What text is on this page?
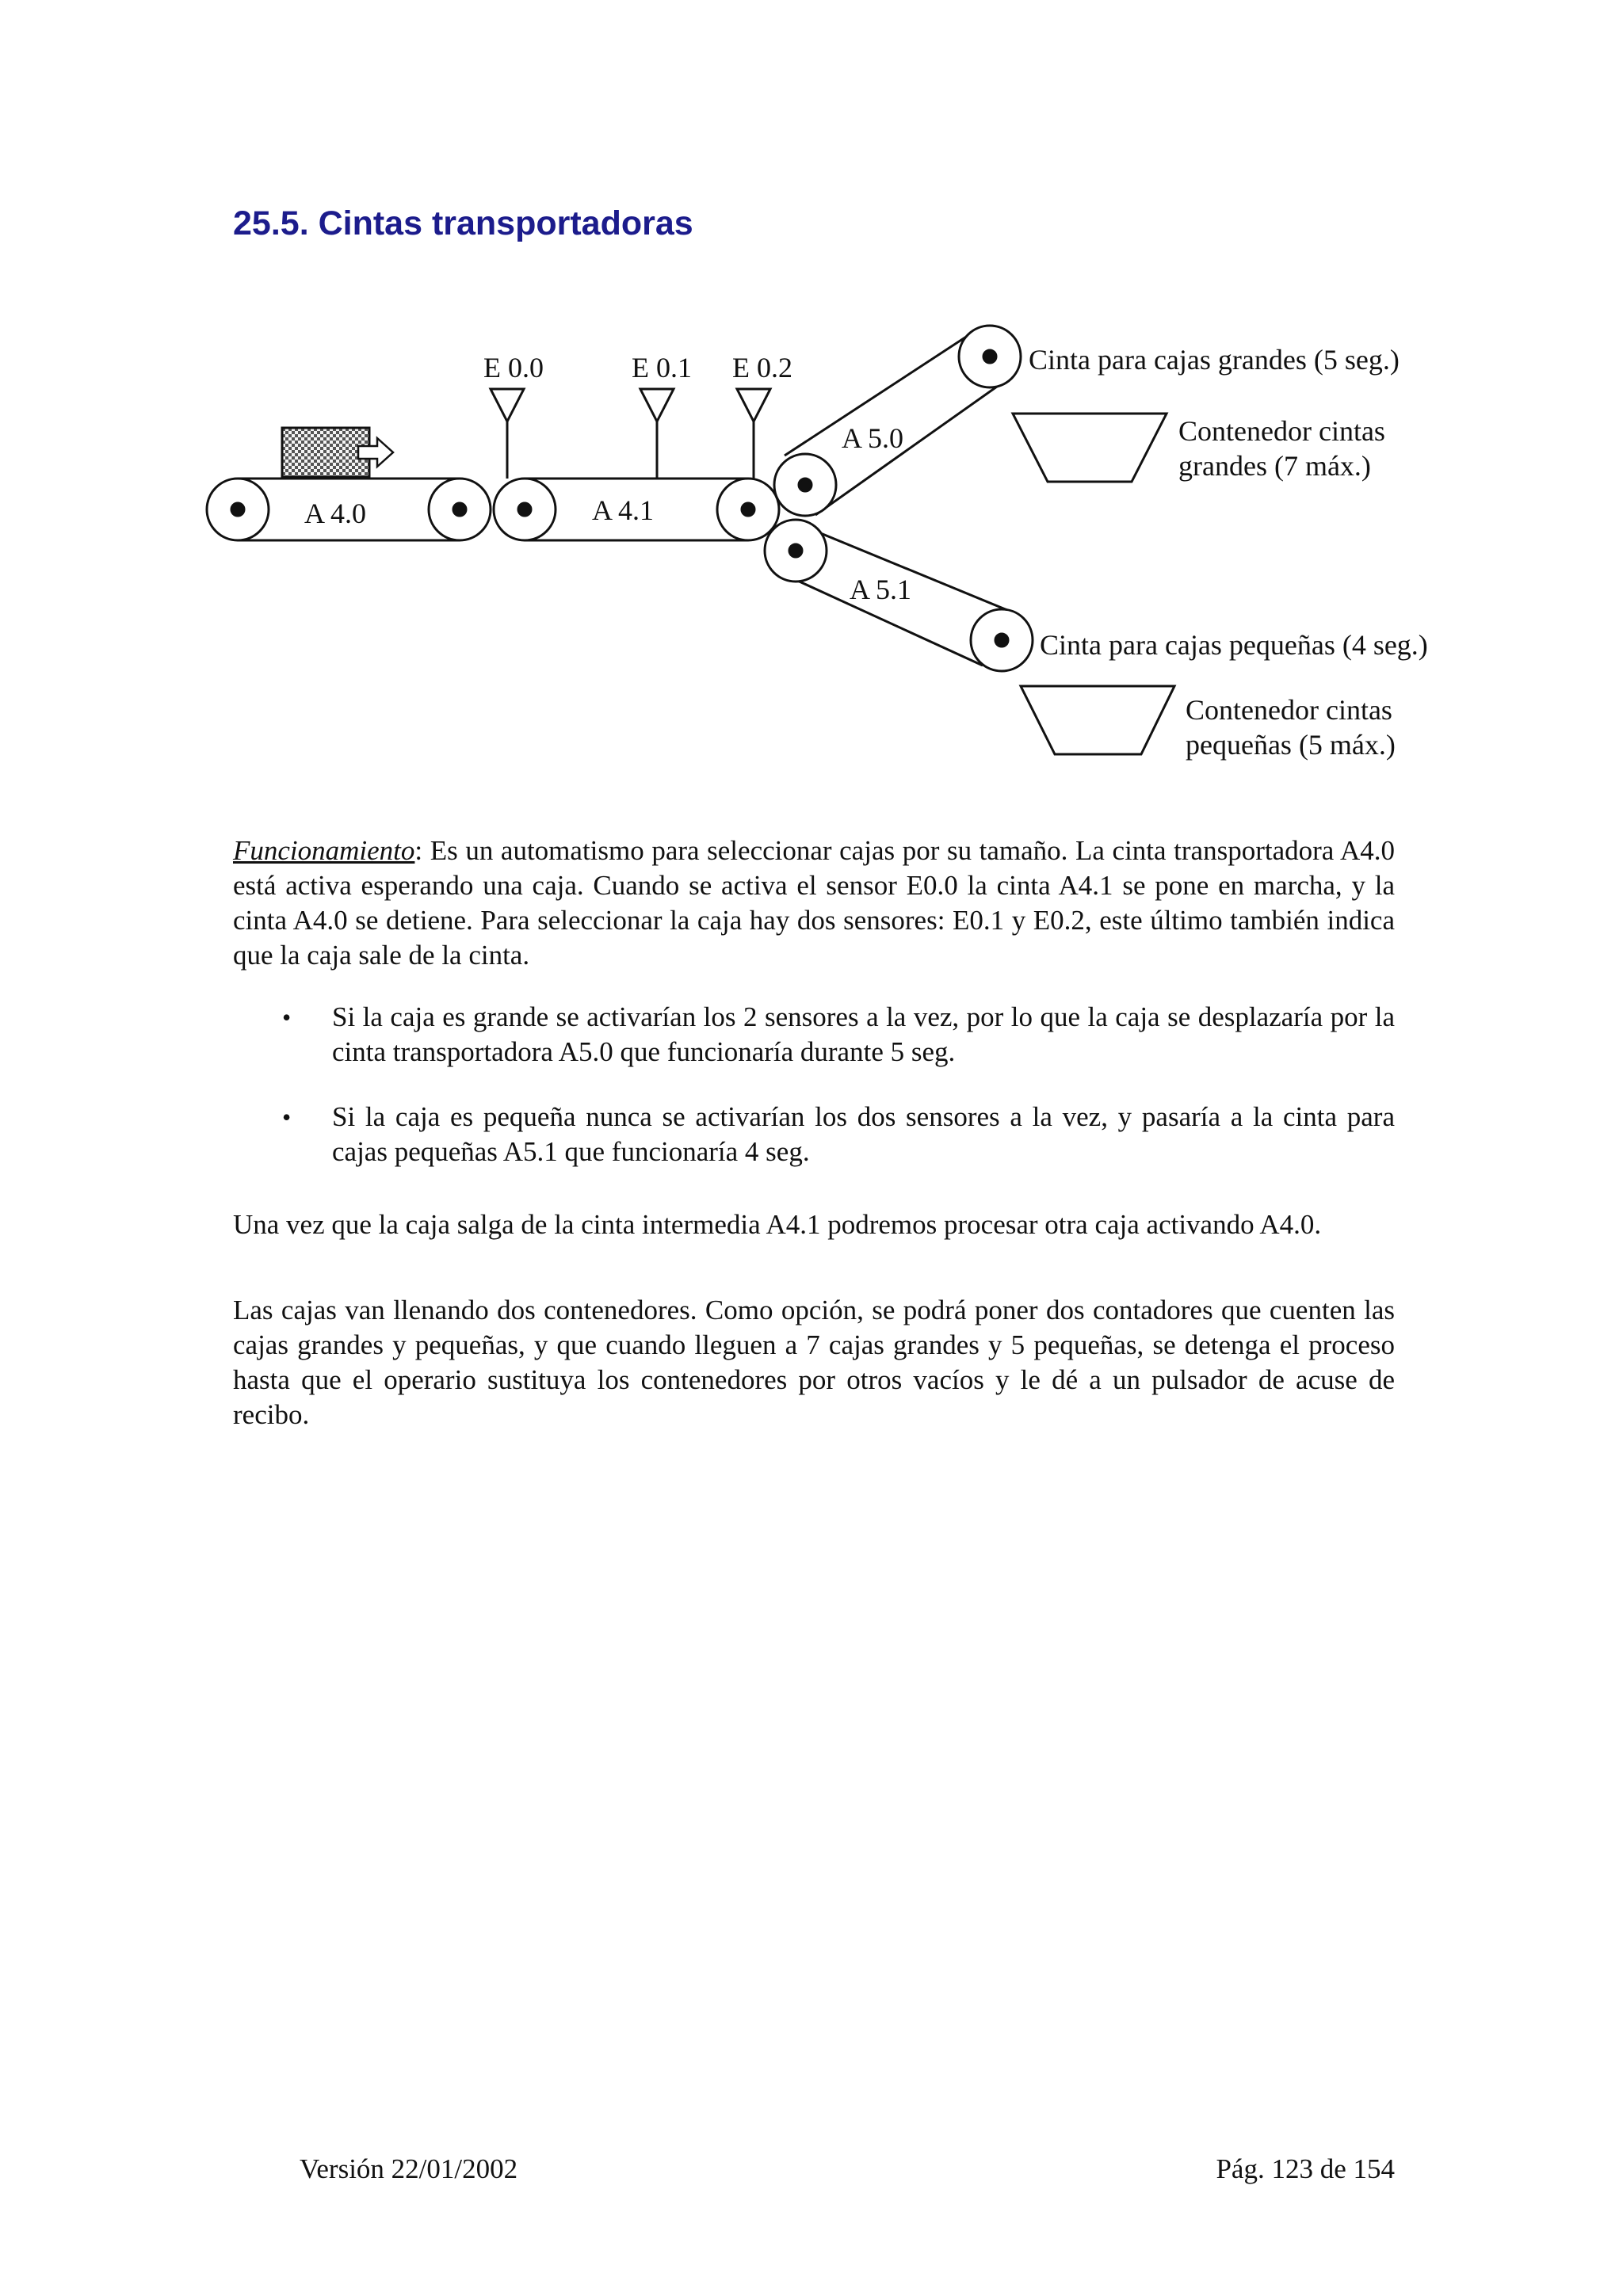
25.5. Cintas transportadoras
E 0.0	E 0.1 E 0.2
A 4.0	A 4.1
A 5.0
A 5.1
Cinta para cajas grandes (5 seg.)
Cinta para cajas pequeñas (4 seg.)
Contenedor cintas
grandes (7 máx.)
Contenedor cintas
pequeñas (5 máx.)

Funcionamiento: Es un automatismo para seleccionar cajas por su tamaño. La cinta transportadora A4.0 está activa esperando una caja. Cuando se activa el sensor E0.0 la cinta A4.1 se pone en marcha, y la cinta A4.0 se detiene. Para seleccionar la caja hay dos sensores: E0.1 y E0.2, este último también indica que la caja sale de la cinta.

• Si la caja es grande se activarían los 2 sensores a la vez, por lo que la caja se desplazaría por la cinta transportadora A5.0 que funcionaría durante 5 seg.
• Si la caja es pequeña nunca se activarían los dos sensores a la vez, y pasaría a la cinta para cajas pequeñas A5.1 que funcionaría 4 seg.

Una vez que la caja salga de la cinta intermedia A4.1 podremos procesar otra caja activando A4.0.

Las cajas van llenando dos contenedores. Como opción, se podrá poner dos contadores que cuenten las cajas grandes y pequeñas, y que cuando lleguen a 7 cajas grandes y 5 pequeñas, se detenga el proceso hasta que el operario sustituya los contenedores por otros vacíos y le dé a un pulsador de acuse de recibo.

Versión 22/01/2002	Pág. 123 de 154
